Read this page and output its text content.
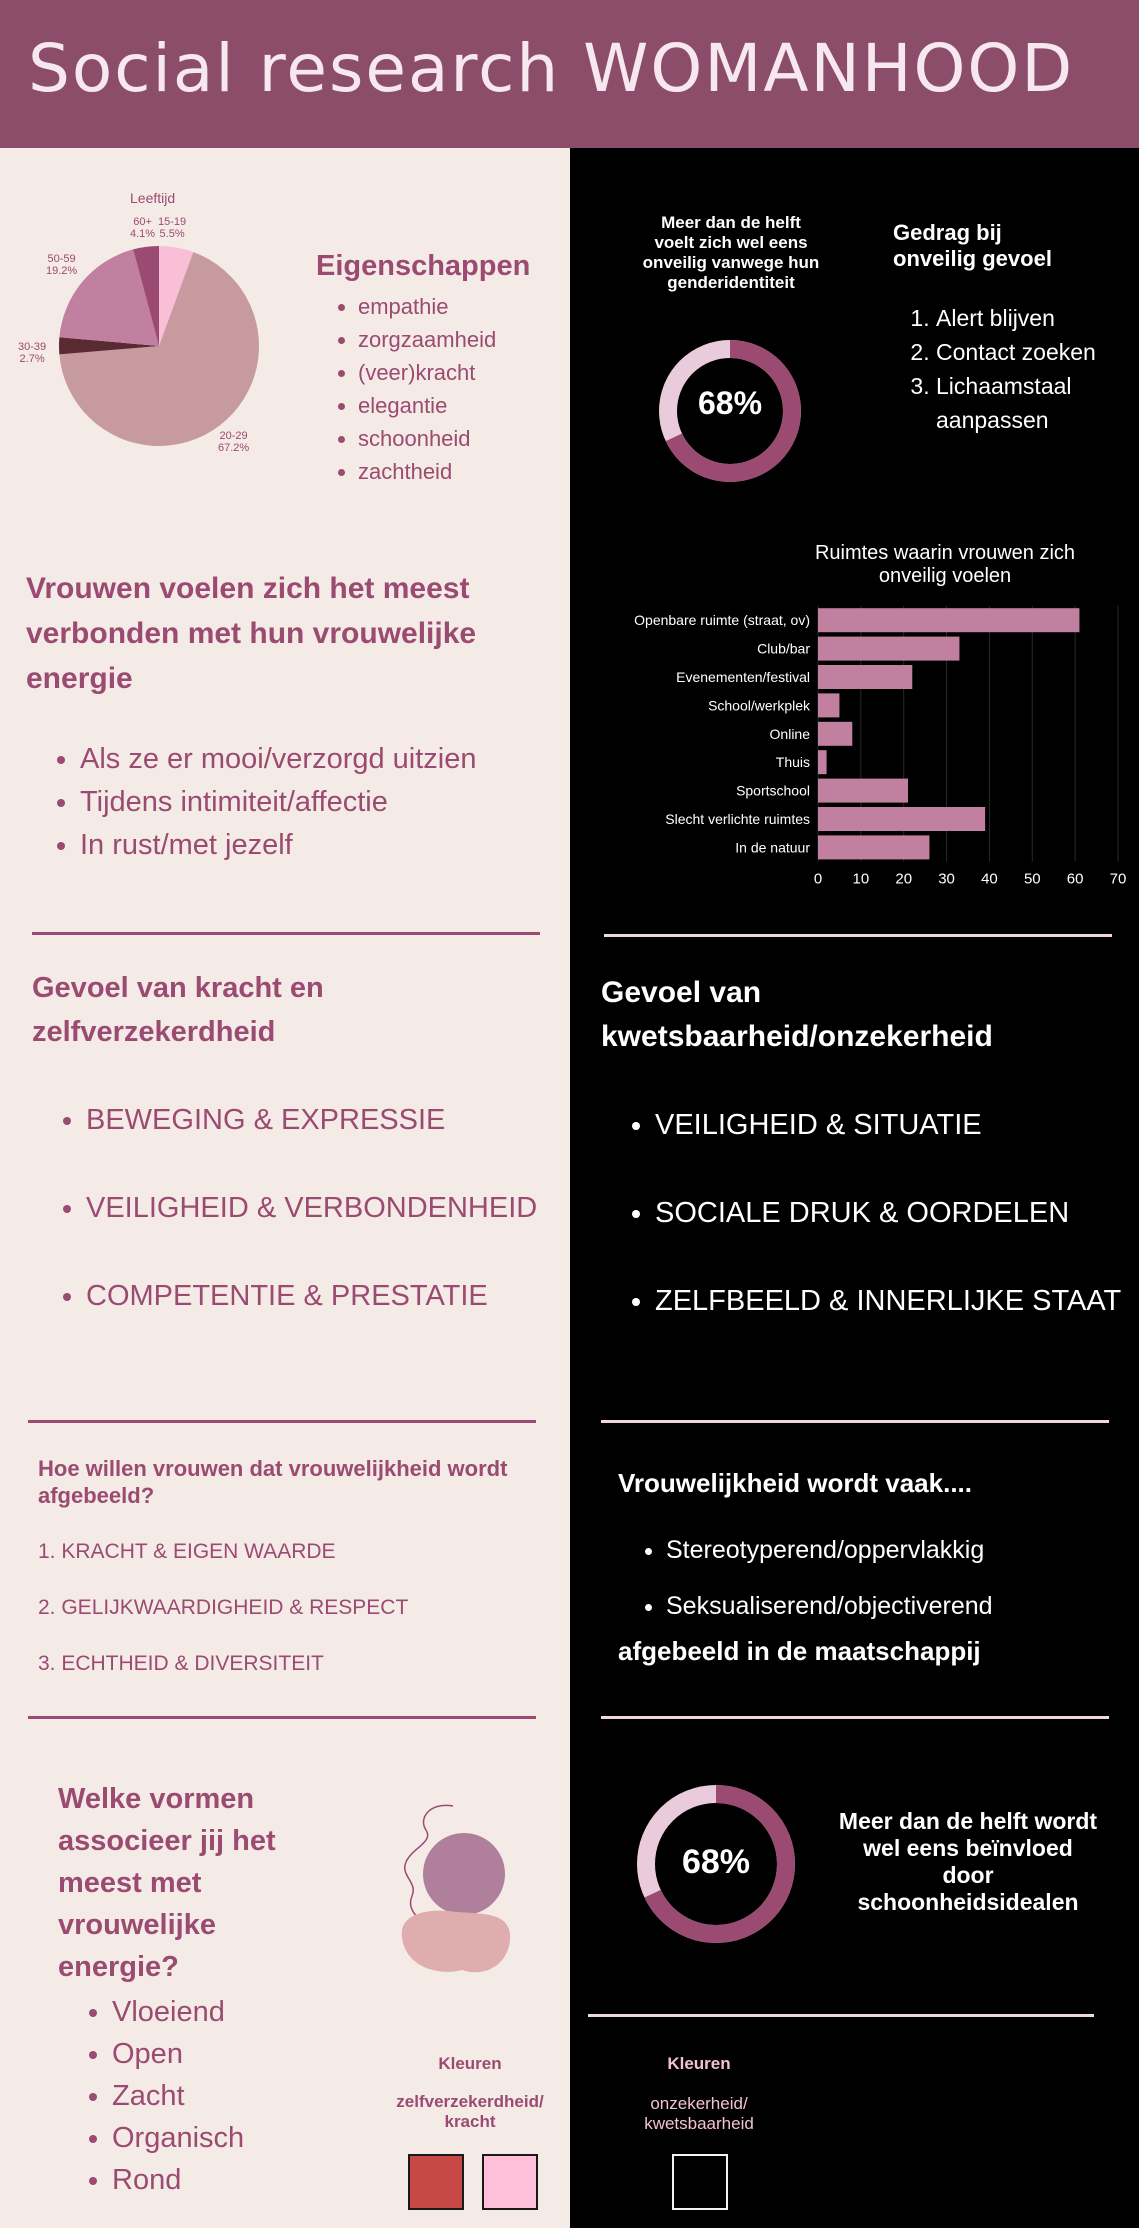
Social research WOMANHOOD
Leeftijd
15-19
5.5%
20-29
67.2%
30-39
2.7%
50-59
19.2%
60+
4.1%
Eigenschappen
• empathie
• zorgzaamheid
• (veer)kracht
• elegantie
• schoonheid
• zachtheid
Meer dan de helft voelt zich wel eens onveilig vanwege hun genderidentiteit
68%
Gedrag bij onveilig gevoel
1. Alert blijven
2. Contact zoeken
3. Lichaamstaal aanpassen
Vrouwen voelen zich het meest verbonden met hun vrouwelijke energie
• Als ze er mooi/verzorgd uitzien
• Tijdens intimiteit/affectie
• In rust/met jezelf
Ruimtes waarin vrouwen zich onveilig voelen
0 10 20 30 40 50 60 70
Openbare ruimte (straat, ov)
Club/bar
Evenementen/festival
School/werkplek
Online
Thuis
Sportschool
Slecht verlichte ruimtes
In de natuur
Gevoel van kracht en zelfverzekerdheid
• BEWEGING & EXPRESSIE
• VEILIGHEID & VERBONDENHEID
• COMPETENTIE & PRESTATIE
Gevoel van kwetsbaarheid/onzekerheid
• VEILIGHEID & SITUATIE
• SOCIALE DRUK & OORDELEN
• ZELFBEELD & INNERLIJKE STAAT
Hoe willen vrouwen dat vrouwelijkheid wordt afgebeeld?
1. KRACHT & EIGEN WAARDE
2. GELIJKWAARDIGHEID & RESPECT
3. ECHTHEID & DIVERSITEIT
Vrouwelijkheid wordt vaak....
• Stereotyperend/oppervlakkig
• Seksualiserend/objectiverend
afgebeeld in de maatschappij
Welke vormen associeer jij het meest met vrouwelijke energie?
• Vloeiend
• Open
• Zacht
• Organisch
• Rond
68%
Meer dan de helft wordt wel eens beïnvloed door schoonheidsidealen
Kleuren
zelfverzekerdheid/ kracht
Kleuren
onzekerheid/ kwetsbaarheid
